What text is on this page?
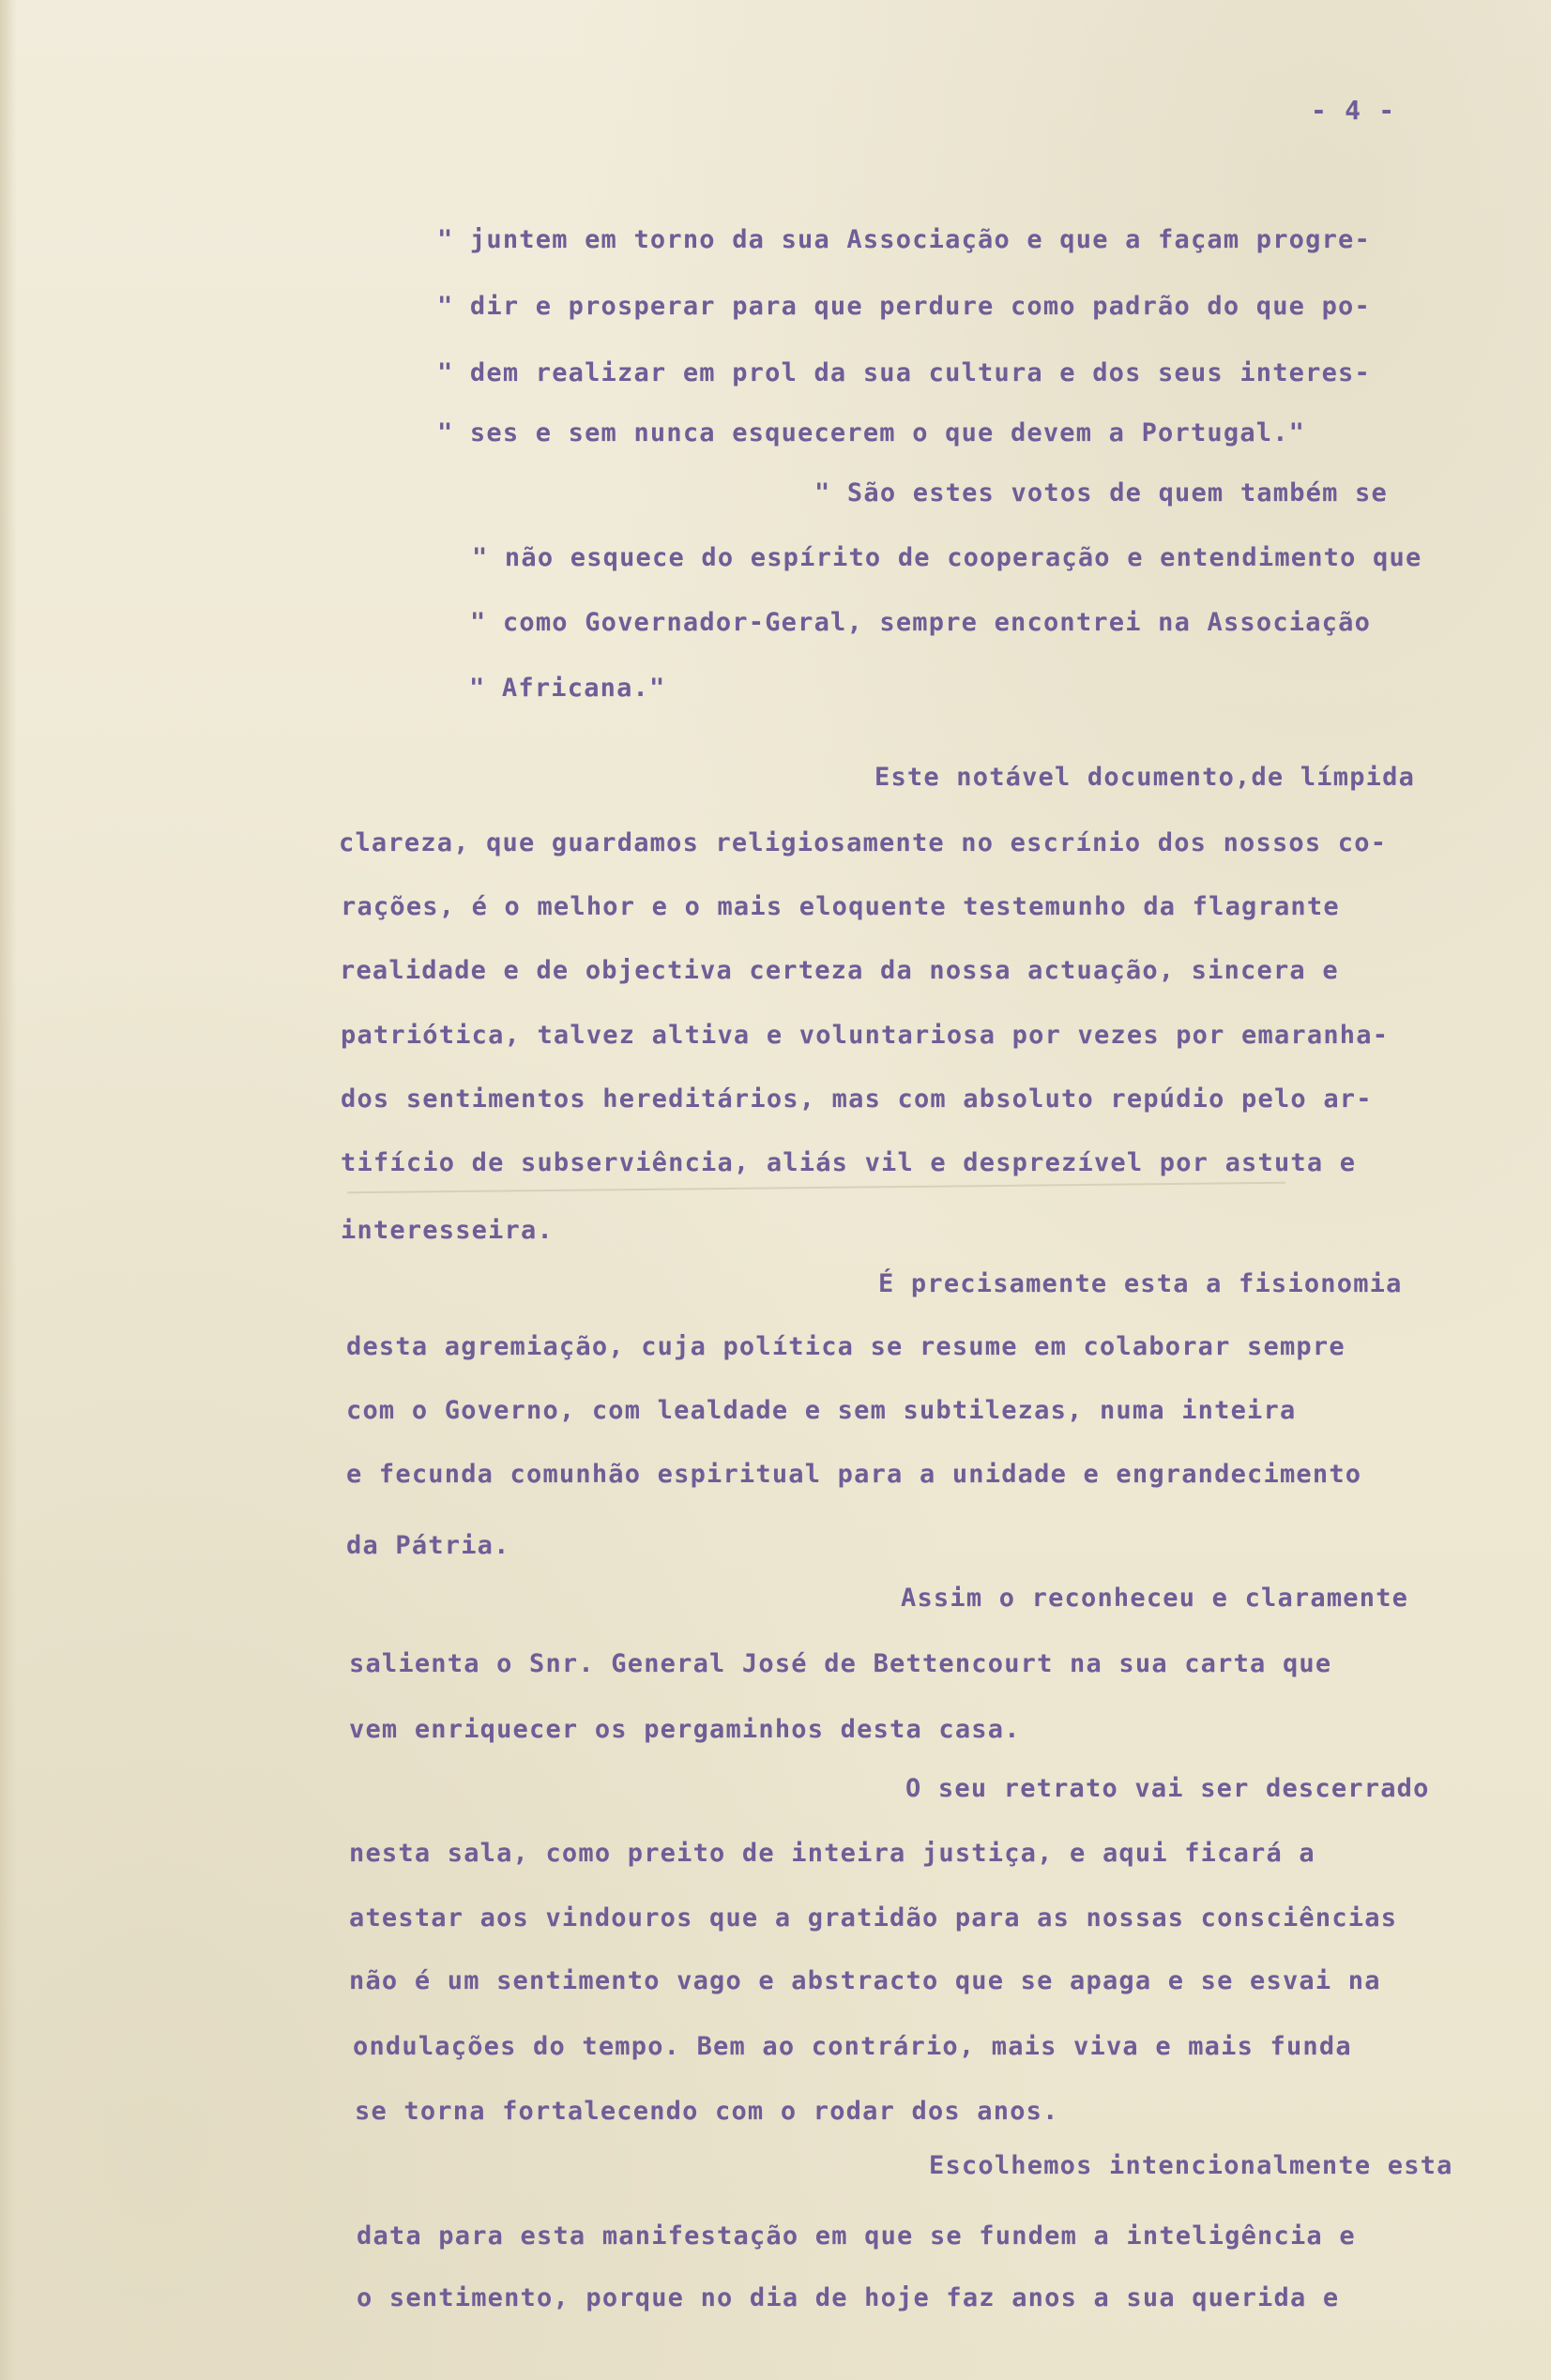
- 4 -
" juntem em torno da sua Associação e que a façam progre-
" dir e prosperar para que perdure como padrão do que po-
" dem realizar em prol da sua cultura e dos seus interes-
" ses e sem nunca esquecerem o que devem a Portugal."
" São estes votos de quem também se
" não esquece do espírito de cooperação e entendimento que
" como Governador-Geral, sempre encontrei na Associação
" Africana."
Este notável documento,de límpida
clareza, que guardamos religiosamente no escrínio dos nossos co-
rações, é o melhor e o mais eloquente testemunho da flagrante
realidade e de objectiva certeza da nossa actuação, sincera e
patriótica, talvez altiva e voluntariosa por vezes por emaranha-
dos sentimentos hereditários, mas com absoluto repúdio pelo ar-
tifício de subserviência, aliás vil e desprezível por astuta e
interesseira.
É precisamente esta a fisionomia
desta agremiação, cuja política se resume em colaborar sempre
com o Governo, com lealdade e sem subtilezas, numa inteira
e fecunda comunhão espiritual para a unidade e engrandecimento
da Pátria.
Assim o reconheceu e claramente
salienta o Snr. General José de Bettencourt na sua carta que
vem enriquecer os pergaminhos desta casa.
O seu retrato vai ser descerrado
nesta sala, como preito de inteira justiça, e aqui ficará a
atestar aos vindouros que a gratidão para as nossas consciências
não é um sentimento vago e abstracto que se apaga e se esvai na
ondulações do tempo. Bem ao contrário, mais viva e mais funda
se torna fortalecendo com o rodar dos anos.
Escolhemos intencionalmente esta
data para esta manifestação em que se fundem a inteligência e
o sentimento, porque no dia de hoje faz anos a sua querida e
